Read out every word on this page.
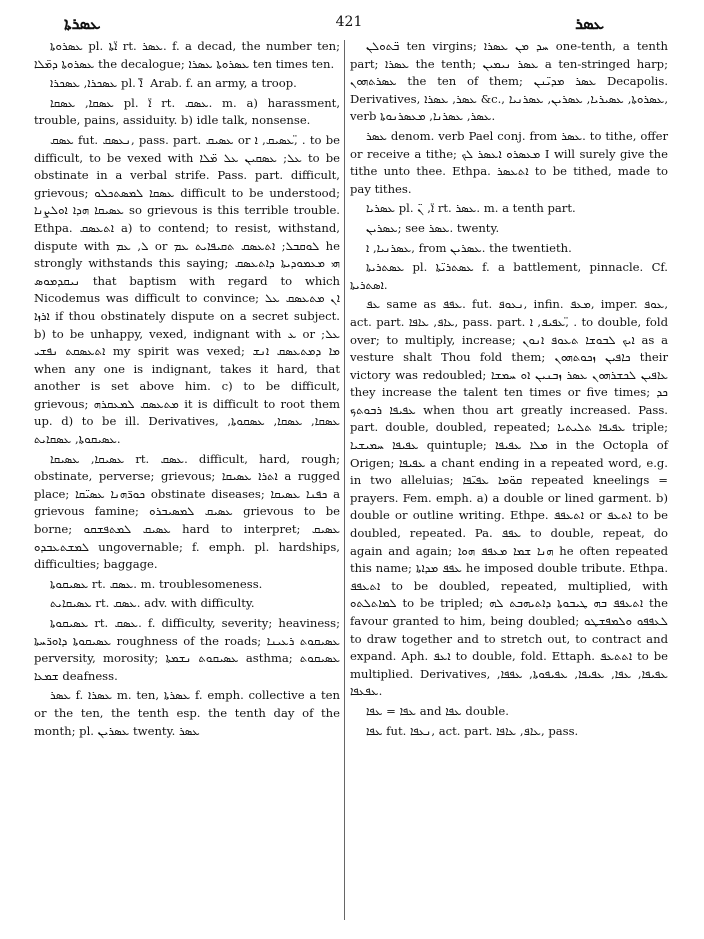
ܥܣܪܬܐ	421	ܥܣܪ

ܥܣܪܘܬܐ pl. ܐ̈ܬܐ rt. ܥܣܪ. f. a decad, the number ten; ܥܣܪܘܬܐ ܕܡ̈ܠܐ the decalogue; ܥܣܪܘܬܐ ܥܣܪܐ ten times ten.

ܥܣܟܪܐ, ܥܣܟܪܐ pl. ܐ̈ ̈ Arab. f. an army, a troop.

ܥܣܩܐ, ܥܣܩܐ pl. ܐ̈ rt. ܥܣܩ. m. a) harassment, trouble, pains, assiduity. b) idle talk, nonsense.

ܥܣܩ fut. ܢܥܣܩ, pass. part. ܥܣܝܩ or ܥܣܝܩ, ܐ, ̈. to be difficult, to be vexed with ܥܠ; ܥܣܩܝܢ ܥܠ ܡ̈ܠܐ to be obstinate in a verbal strife. Pass. part. difficult, grievous; ܥܣܩܐ ܠܡܣܬܟܠܘ difficult to be understood; ܥܣܝܩܐ ܗܕܐ ܐܘܠܨܢܐ so grievous is this terrible trouble. Ethpa. ܐܬܥܣܩ a) to contend; to resist, withstand, dispute with ܠ, ܥܡ or ܠܘܩܒܠ; ܐܬܥܣܩ ܬܩܝܦܐܝܬ ܥܡ he strongly withstands this saying; ܗܝ ܡܥܡܘܕܝܬܐ ܕܐܬܥܣܩ ܢܝܩܕܡܘܣ that baptism with regard to which Nicodemus was difficult to convince; ܐܢ ܡܬܥܣܩ ܥܠ ܐܪܙܐ if thou obstinately dispute on a secret subject. b) to be unhappy, vexed, indignant with ܥ or ܥܠ; ܐܬܥܣܩܬ ܢܦܫܝ my spirit was vexed; ܡܐ ܕܡܬܥܣܩ ܐܢܫ when any one is indignant, takes it hard, that another is set above him. c) to be difficult, grievous; ܡܬܥܣܩ ܠܡܥܩܪܗ it is difficult to root them up. d) to be ill. Derivatives, ܥܣܩܐ, ܥܣܩܐ, ܥܣܩܘܬܐ, ܥܣܝܩܘܬܐ, ܥܣܩܐܝܬ.

ܥܣܝܩܐ, ܥܣܝܩܐ rt. ܥܣܩ. difficult, hard, rough; obstinate, perverse; grievous; ܐܬܪܐ ܥܣܝܩܐ a rugged place; ܟܘܪ̈ܗܢܐ ܥܣܝ̈ܩܐ obstinate diseases; ܟܦܢܐ ܥܣܝܩܐ a grievous famine; ܥܣܝܩ ܠܡܣܝܒܪܘ grievous to be borne; ܥܣܝܩ ܠܡܬܦܫܩܘ hard to interpret; ܥܣܝܩ ܠܡܫܬܥܒܕܘ ungovernable; f. emph. pl. hardships, difficulties; baggage.

ܥܣܝܩܘܬܐ rt. ܥܣܩ. m. troublesomeness.

ܥܣܝܩܐܝܬ rt. ܥܣܩ. adv. with difficulty.

ܥܣܝܩܘܬܐ rt. ܥܣܩ. f. difficulty, severity; heaviness; ܥܣܝܩܘܬܐ ܕܐܘܪ̈ܚܬܐ roughness of the roads; ܥܣܝܩܘܬ ܪܥܝܢܐ perversity, morosity; ܥܣܝܩܘܬ ܢܫܡܬܐ asthma; ܥܣܝܩܘܬ ܫܡܥܐ deafness.

ܥܣܪ f. ܥܣܪܐ m. ten, ܥܣܪܬܐ f. emph. collective a ten or the ten, the tenth esp. the tenth day of the month; pl. ܥܣܪܝܢ twenty. ܥܣܪ

ܒ̈ܬܘܠܢ ten virgins; ܚܕ ܡܢ ܥܣܪܐ one-tenth, a tenth part; ܥܣܪܐ the tenth; ܥܣܪ ܢܝܡܝܢ a ten-stringed harp; ܥܣܪܬܗܘܢ the ten of them; ܥܣܪ ܡܕܝ̈ܢܢ Decapolis. Derivatives, ܥܣܪ, ܥܣܪܐ &c., ܥܣܪܘܬܐ, ܥܣܝܪܝܐ, ܥܣܪܝܢ, ܥܣܪܢܝܐ, verb ܥܣܪ, ܥܣܪܢܐ, ܡܥܣܪܢܘܬܐ.

ܥܣܪ denom. verb Pael conj. from ܥܣܪ. to tithe, offer or receive a tithe; ܡܥܣܪܘ ܐܥܣܪ ܠܟ I will surely give the tithe unto thee. Ethpa. ܐܬܥܣܪ to be tithed, made to pay tithes.

ܥܣܪܝܐ pl. ܐ̈, ܢ̈ rt. ܥܣܪ. m. a tenth part.

ܥܣܪܝܢ; see ܥܣܪ. twenty.

ܥܣܪܢܝܐ, ܐ, from ܥܣܪܝܢ. the twentieth.

ܥܣܬܪܝܬܐ pl. ܥܣܬܪܝ̈ܬܐ f. a battlement, pinnacle. Cf. ܐܣܬܪܝܬܐ.

ܥܦ same as ܥܦܦ. fut. ܢܥܘܦ, infin. ܡܥܦ, imper. ܥܘܦ, act. part. ܥܐܦ, ܥܐܦܐ, pass. part. ܥܦܝܦ, ܐ, ̈. to double, fold over; to multiply, increase; ܐܝܟ ܠܒܘܫܐ ܬܥܘܦ ܐܢܘܢ as a vesture shalt Thou fold them; ܟܐܦܝܢ ܙܟܘܬܗܘܢ their victory was redoubled; ܥܐܦܝܢ ܠܟܫܪܗܘܢ ܥܣܪ ܙܒܢܝܢ ܐܘ ܚܡܫܐ they increase the talent ten times or five times; ܟܕ ܥܦܝܦܐ ܪܒܘܬܟ when thou art greatly increased. Pass. part. double, doubled, repeated; ܥܦܝܦܐ ܬܠܝܬܝܐ triple; ܥܦܝܦܐ ܚܡܝܫܝܐ quintuple; ܡܠܐ ܥܦܝܦܐ in the Octopla of Origen; ܥܦܝܦܐ a chant ending in a repeated word, e.g. in two alleluias; ܩܘ̈ܡܐ ܥܦܝ̈ܦܐ repeated kneelings = prayers. Fem. emph. a) a double or lined garment. b) double or outline writing. Ethpe. ܐܬܥܦܦ or ܐܬܥܦ to be doubled, repeated. Pa. ܥܦܦ to double, repeat, do again and again; ܗܢܐ ܫܡܐ ܡܥܦܦ ܗܘܐ he often repeated this name; ܥܦܦ ܡܕܐܬܐ he imposed double tribute. Ethpa. ܐܬܥܦܦ to be doubled, repeated, multiplied, with ܠܡܐܬܠܬܘ to be tripled; ܐܬܥܦܦ ܒܗ ܛܝܒܘܬܐ ܕܐܬܝܗܒܬ ܠܗ the favour granted to him, being doubled; ܠܥܦܦܘ ܘܠܡܦܫܛܘ to draw together and to stretch out, to contract and expand. Aph. ܐܥܦ to double, fold. Ettaph. ܐܬܬܥܦ to be multiplied. Derivatives, ܥܦܝܦܐ, ܥܦܐ, ܥܦܝܦܐ, ܥܦܝܦܘܬܐ, ܥܦܦܐ, ܥܦܥܦܐ.

ܥܦܐ = ܥܦܐ and ܥܦܐ double.

ܥܦܐ fut. ܢܥܦܐ, act. part. ܥܐܦ, ܥܐܦܐ, pass.
